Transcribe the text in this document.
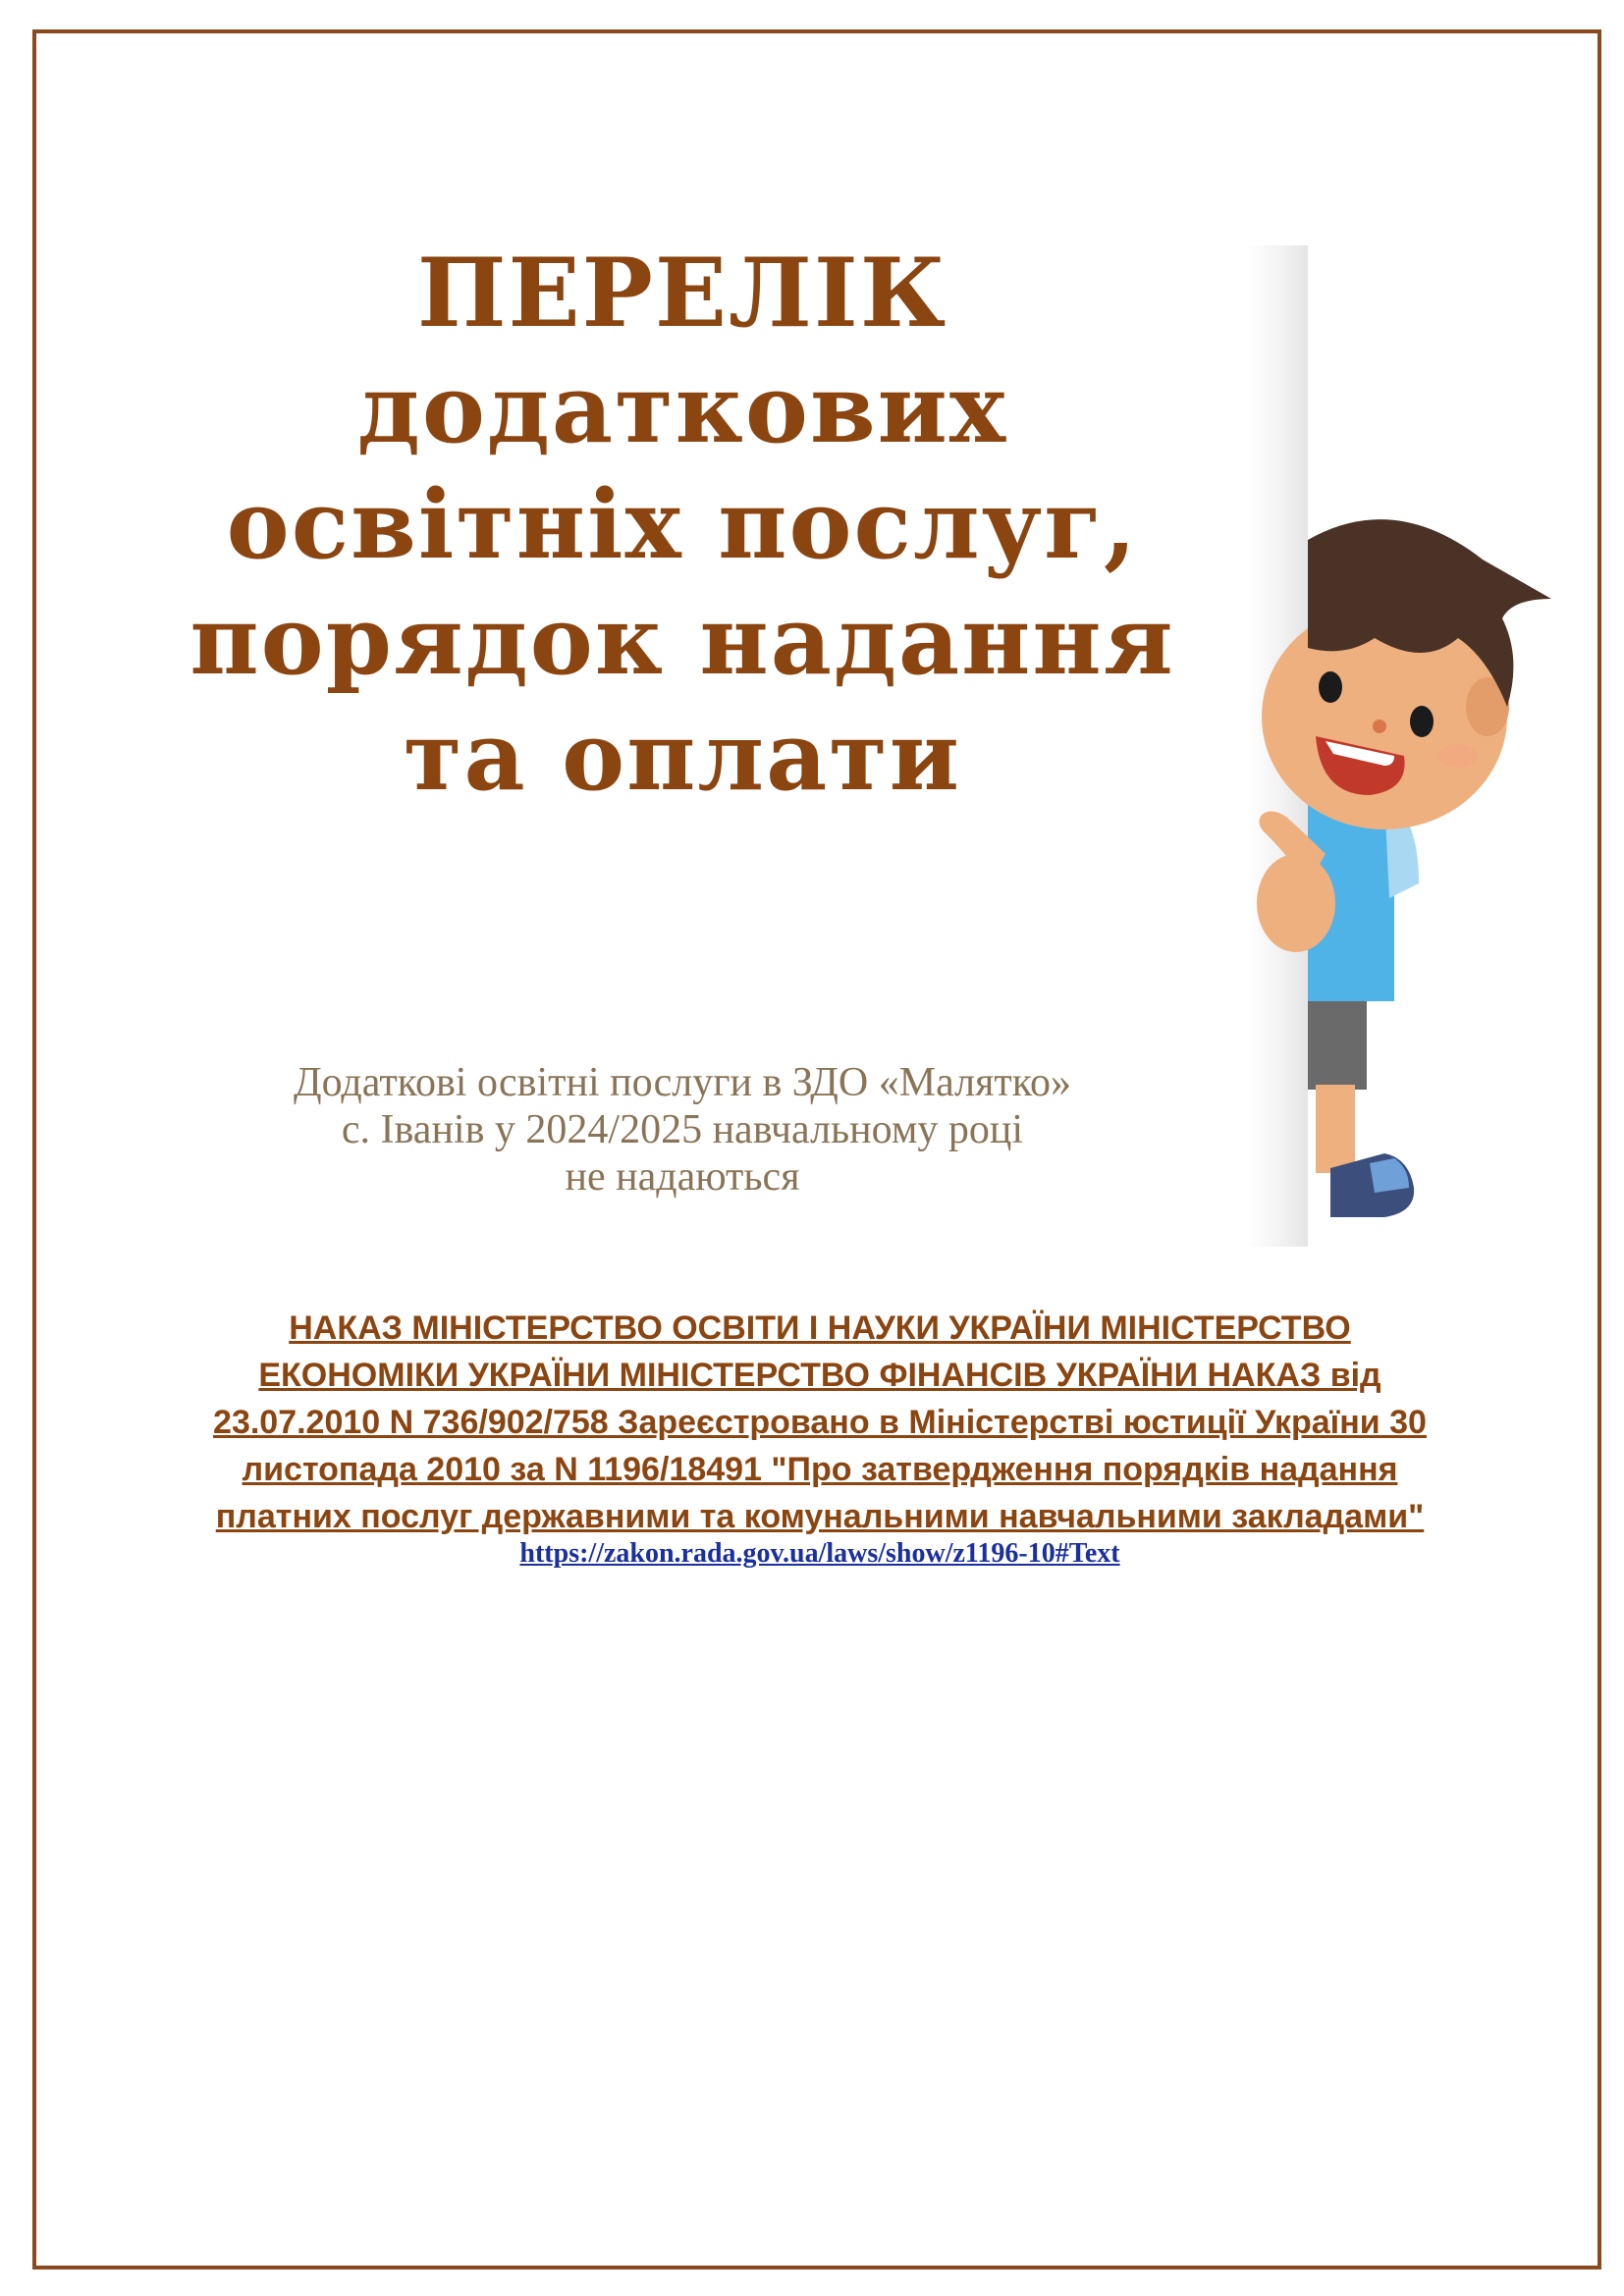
ПЕРЕЛІК
додаткових
освітніх послуг,
порядок надання
та оплати
Додаткові освітні послуги в ЗДО «Малятко»
с. Іванів у 2024/2025 навчальному році
не надаються
НАКАЗ МІНІСТЕРСТВО ОСВІТИ І НАУКИ УКРАЇНИ МІНІСТЕРСТВО
ЕКОНОМІКИ УКРАЇНИ МІНІСТЕРСТВО ФІНАНСІВ УКРАЇНИ НАКАЗ від
23.07.2010 N 736/902/758 Зареєстровано в Міністерстві юстиції України 30
листопада 2010 за N 1196/18491 "Про затвердження порядків надання
платних послуг державними та комунальними навчальними закладами"
https://zakon.rada.gov.ua/laws/show/z1196-10#Text
